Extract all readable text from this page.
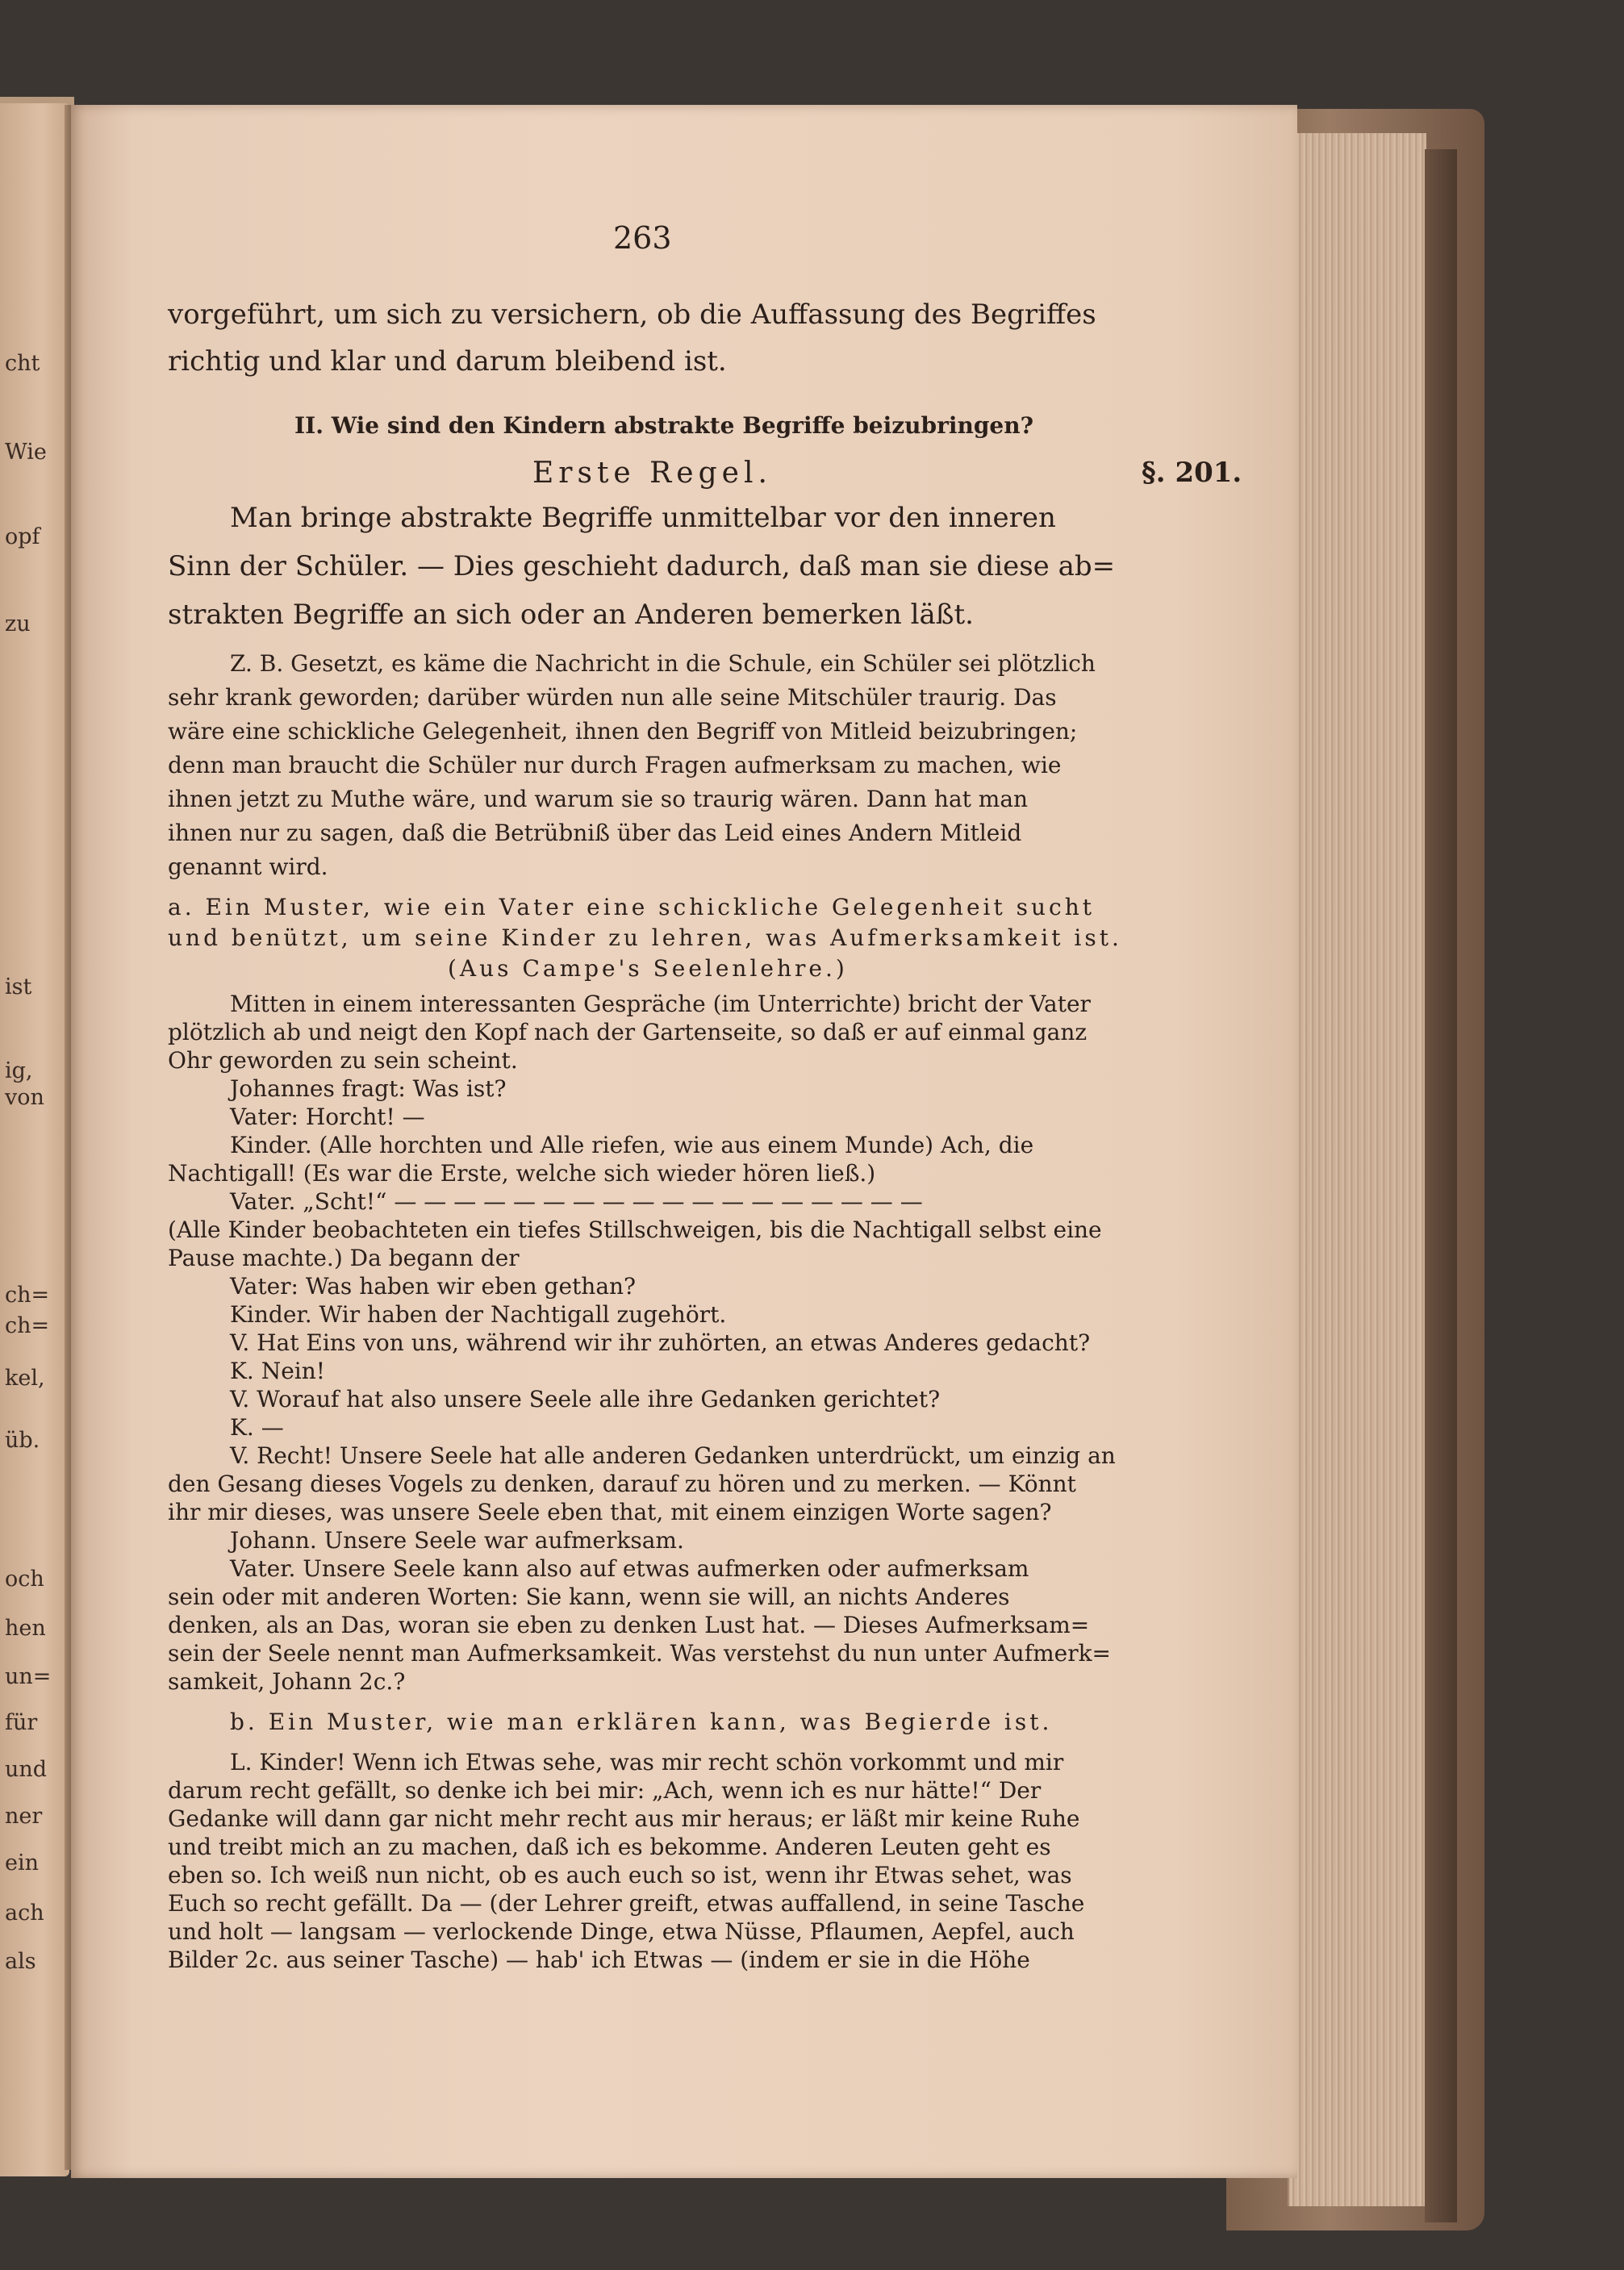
cht
Wie
opf
zu
ist
ig,
von
ch=
ch=
kel,
üb.
och
hen
un=
für
und
ner
ein
ach
als
263
vorgeführt, um sich zu versichern, ob die Auffassung des Begriffes
richtig und klar und darum bleibend ist.
II. Wie sind den Kindern abstrakte Begriffe beizubringen?
Erste Regel.	§. 201.
Man bringe abstrakte Begriffe unmittelbar vor den inneren
Sinn der Schüler. — Dies geschieht dadurch, daß man sie diese ab=
strakten Begriffe an sich oder an Anderen bemerken läßt.
Z. B. Gesetzt, es käme die Nachricht in die Schule, ein Schüler sei plötzlich
sehr krank geworden; darüber würden nun alle seine Mitschüler traurig. Das
wäre eine schickliche Gelegenheit, ihnen den Begriff von Mitleid beizubringen;
denn man braucht die Schüler nur durch Fragen aufmerksam zu machen, wie
ihnen jetzt zu Muthe wäre, und warum sie so traurig wären. Dann hat man
ihnen nur zu sagen, daß die Betrübniß über das Leid eines Andern Mitleid
genannt wird.
a. Ein Muster, wie ein Vater eine schickliche Gelegenheit sucht
und benützt, um seine Kinder zu lehren, was Aufmerksamkeit ist.
(Aus Campe's Seelenlehre.)
Mitten in einem interessanten Gespräche (im Unterrichte) bricht der Vater
plötzlich ab und neigt den Kopf nach der Gartenseite, so daß er auf einmal ganz
Ohr geworden zu sein scheint.
Johannes fragt: Was ist?
Vater: Horcht! —
Kinder. (Alle horchten und Alle riefen, wie aus einem Munde) Ach, die
Nachtigall! (Es war die Erste, welche sich wieder hören ließ.)
Vater. „Scht!“ — — — — — — — — — — — — — — — — — —
(Alle Kinder beobachteten ein tiefes Stillschweigen, bis die Nachtigall selbst eine
Pause machte.) Da begann der
Vater: Was haben wir eben gethan?
Kinder. Wir haben der Nachtigall zugehört.
V. Hat Eins von uns, während wir ihr zuhörten, an etwas Anderes gedacht?
K. Nein!
V. Worauf hat also unsere Seele alle ihre Gedanken gerichtet?
K. —
V. Recht! Unsere Seele hat alle anderen Gedanken unterdrückt, um einzig an
den Gesang dieses Vogels zu denken, darauf zu hören und zu merken. — Könnt
ihr mir dieses, was unsere Seele eben that, mit einem einzigen Worte sagen?
Johann. Unsere Seele war aufmerksam.
Vater. Unsere Seele kann also auf etwas aufmerken oder aufmerksam
sein oder mit anderen Worten: Sie kann, wenn sie will, an nichts Anderes
denken, als an Das, woran sie eben zu denken Lust hat. — Dieses Aufmerksam=
sein der Seele nennt man Aufmerksamkeit. Was verstehst du nun unter Aufmerk=
samkeit, Johann 2c.?
b. Ein Muster, wie man erklären kann, was Begierde ist.
L. Kinder! Wenn ich Etwas sehe, was mir recht schön vorkommt und mir
darum recht gefällt, so denke ich bei mir: „Ach, wenn ich es nur hätte!“ Der
Gedanke will dann gar nicht mehr recht aus mir heraus; er läßt mir keine Ruhe
und treibt mich an zu machen, daß ich es bekomme. Anderen Leuten geht es
eben so. Ich weiß nun nicht, ob es auch euch so ist, wenn ihr Etwas sehet, was
Euch so recht gefällt. Da — (der Lehrer greift, etwas auffallend, in seine Tasche
und holt — langsam — verlockende Dinge, etwa Nüsse, Pflaumen, Aepfel, auch
Bilder 2c. aus seiner Tasche) — hab' ich Etwas — (indem er sie in die Höhe
